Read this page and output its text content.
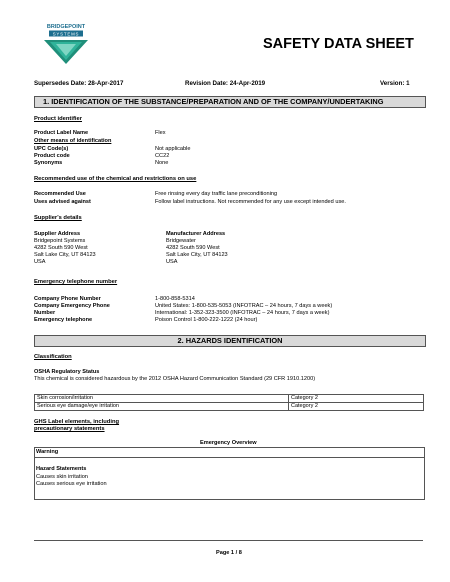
BRIDGEPOINT
SYSTEMS
SAFETY DATA SHEET
Supersedes Date: 28-Apr-2017	Revision Date: 24-Apr-2019	Version: 1
1. IDENTIFICATION OF THE SUBSTANCE/PREPARATION AND OF THE COMPANY/UNDERTAKING
Product identifier
Product Label Name	Flex
Other means of identification
UPC Code(s)	Not applicable
Product code	CC22
Synonyms	None
Recommended use of the chemical and restrictions on use
Recommended Use	Free rinsing every day traffic lane preconditioning
Uses advised against	Follow label instructions. Not recommended for any use except intended use.
Supplier's details
Supplier Address
Bridgepoint Systems
4282 South 590 West
Salt Lake City, UT 84123
USA
Manufacturer Address
Bridgewater
4282 South 590 West
Salt Lake City, UT 84123
USA
Emergency telephone number
Company Phone Number	1-800-858-5314
Company Emergency Phone	United States: 1-800-535-5053 (INFOTRAC – 24 hours, 7 days a week)
Number	International: 1-352-323-3500 (INFOTRAC – 24 hours, 7 days a week)
Emergency telephone	Poison Control 1-800-222-1222 (24 hour)
2. HAZARDS IDENTIFICATION
Classification
OSHA Regulatory Status
This chemical is considered hazardous by the 2012 OSHA Hazard Communication Standard (29 CFR 1910.1200)
Skin corrosion/irritation	Category 2
Serious eye damage/eye irritation	Category 2
GHS Label elements, including
precautionary statements
Emergency Overview
Warning
Hazard Statements
Causes skin irritation
Causes serious eye irritation
Page 1 / 8
